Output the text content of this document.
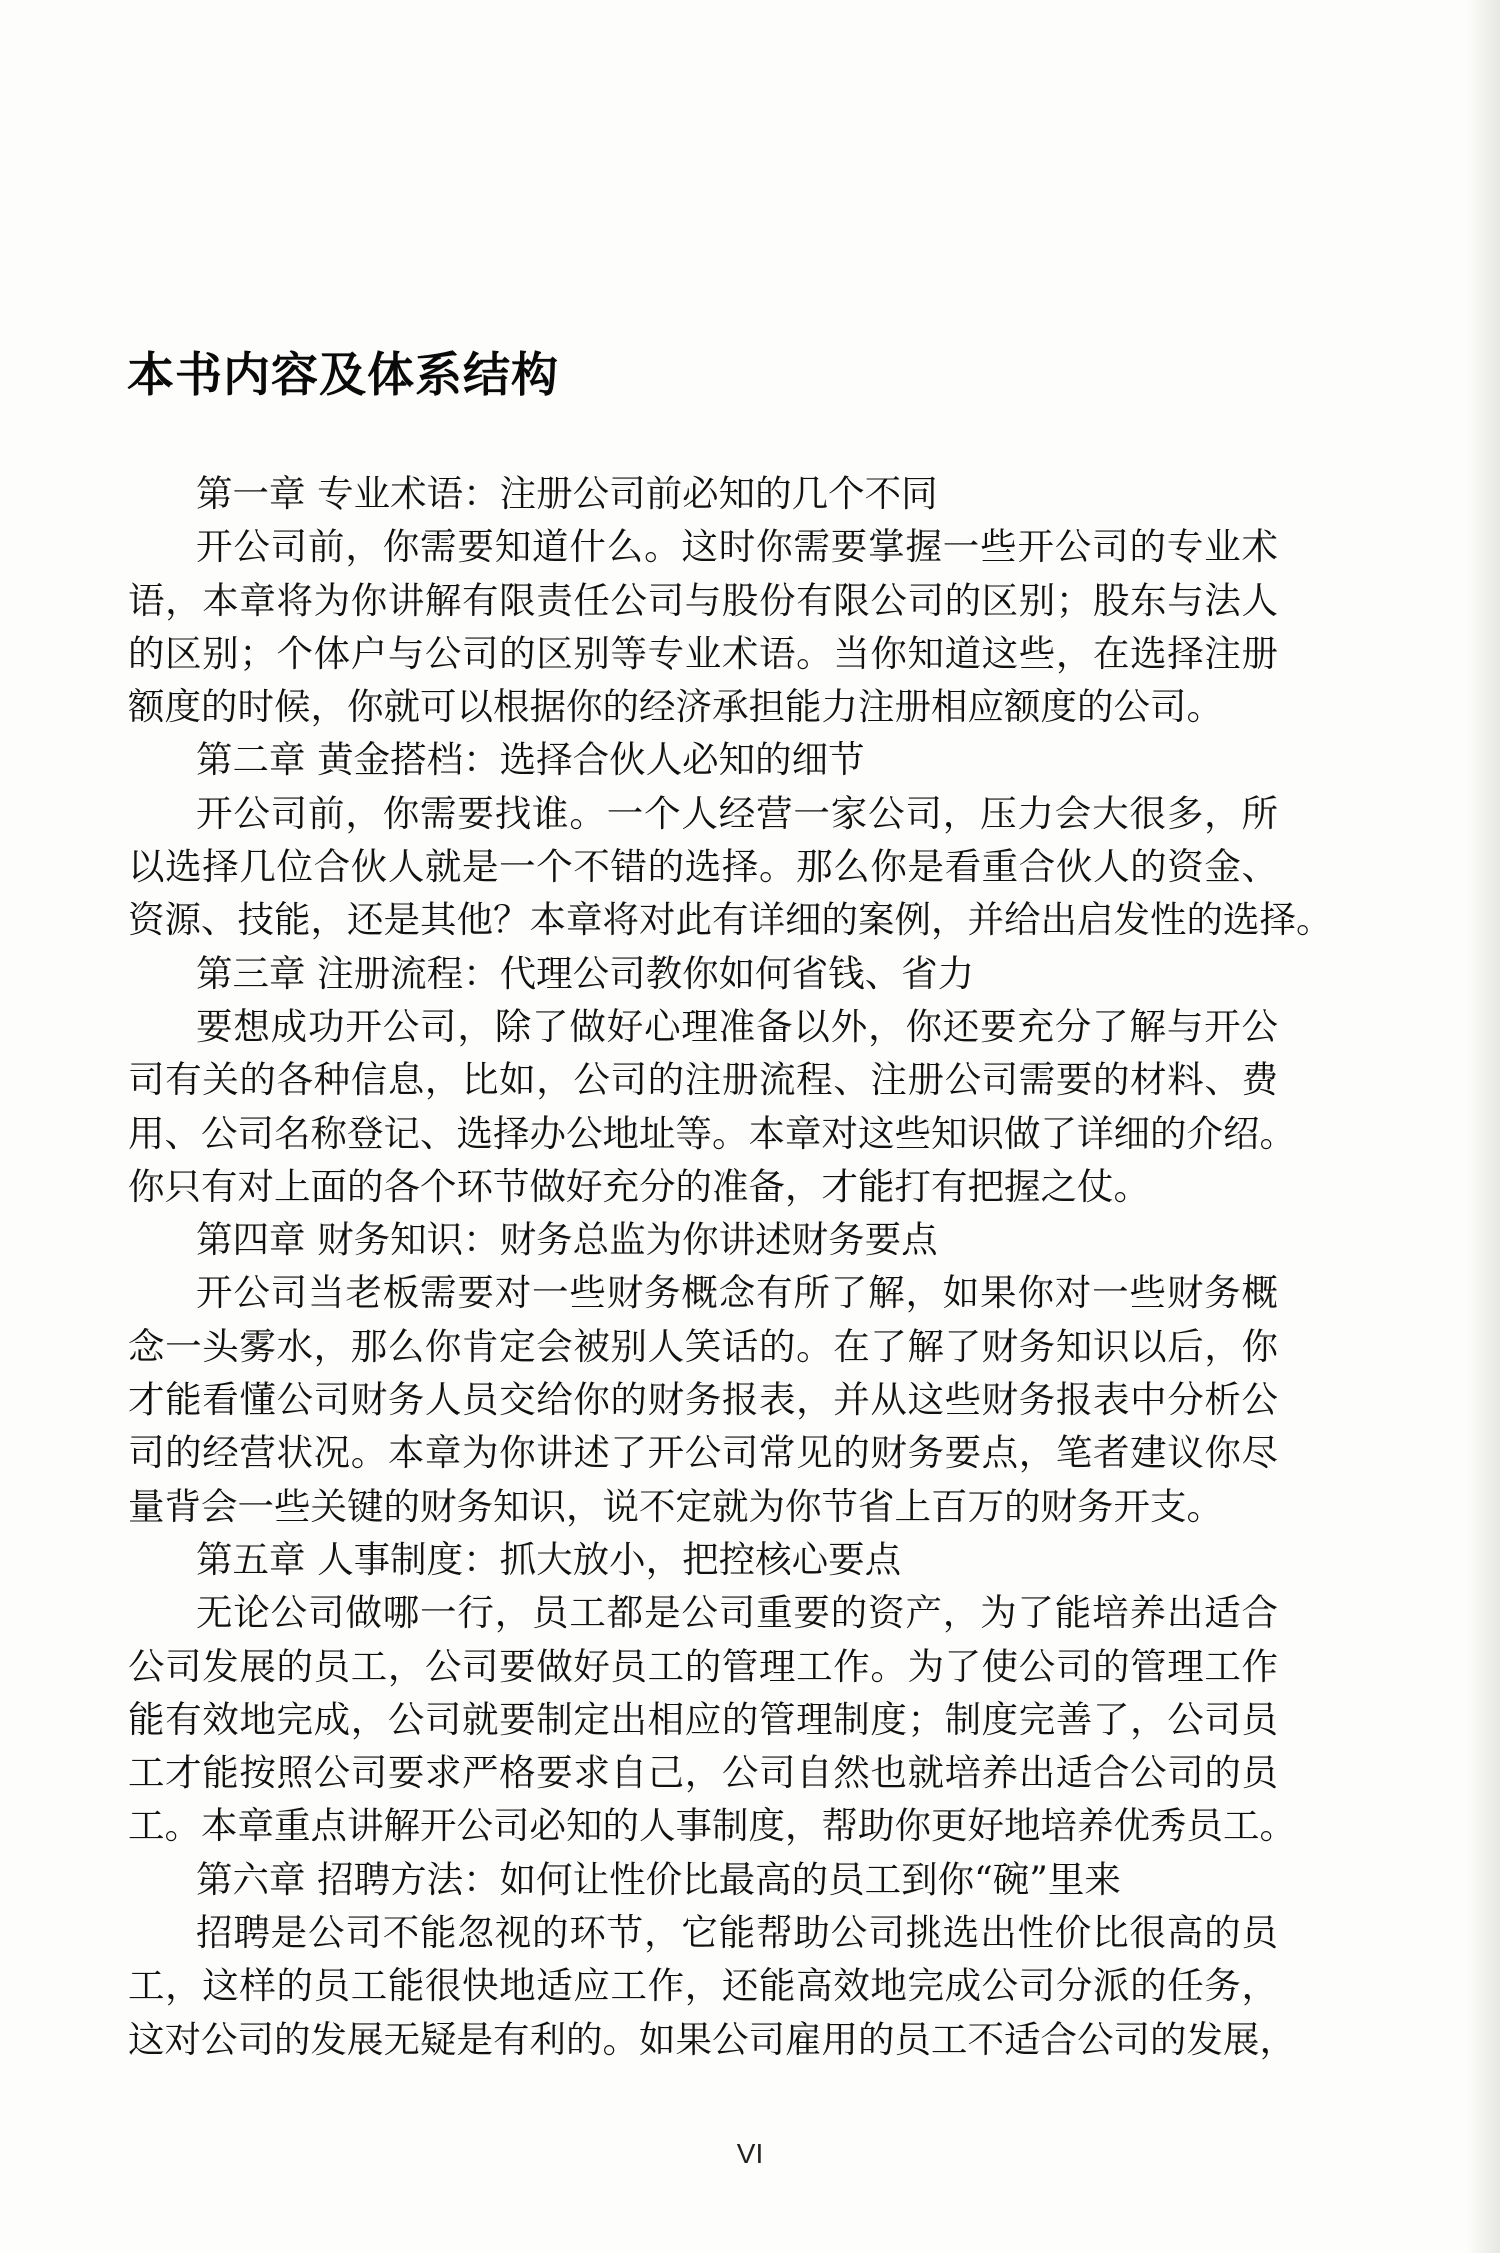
本书内容及体系结构
第一章 专业术语：注册公司前必知的几个不同
开公司前，你需要知道什么。这时你需要掌握一些开公司的专业术
语，本章将为你讲解有限责任公司与股份有限公司的区别；股东与法人
的区别；个体户与公司的区别等专业术语。当你知道这些，在选择注册
额度的时候，你就可以根据你的经济承担能力注册相应额度的公司。
第二章 黄金搭档：选择合伙人必知的细节
开公司前，你需要找谁。一个人经营一家公司，压力会大很多，所
以选择几位合伙人就是一个不错的选择。那么你是看重合伙人的资金、
资源、技能，还是其他？本章将对此有详细的案例，并给出启发性的选择。
第三章 注册流程：代理公司教你如何省钱、省力
要想成功开公司，除了做好心理准备以外，你还要充分了解与开公
司有关的各种信息，比如，公司的注册流程、注册公司需要的材料、费
用、公司名称登记、选择办公地址等。本章对这些知识做了详细的介绍。
你只有对上面的各个环节做好充分的准备，才能打有把握之仗。
第四章 财务知识：财务总监为你讲述财务要点
开公司当老板需要对一些财务概念有所了解，如果你对一些财务概
念一头雾水，那么你肯定会被别人笑话的。在了解了财务知识以后，你
才能看懂公司财务人员交给你的财务报表，并从这些财务报表中分析公
司的经营状况。本章为你讲述了开公司常见的财务要点，笔者建议你尽
量背会一些关键的财务知识，说不定就为你节省上百万的财务开支。
第五章 人事制度：抓大放小，把控核心要点
无论公司做哪一行，员工都是公司重要的资产，为了能培养出适合
公司发展的员工，公司要做好员工的管理工作。为了使公司的管理工作
能有效地完成，公司就要制定出相应的管理制度；制度完善了，公司员
工才能按照公司要求严格要求自己，公司自然也就培养出适合公司的员
工。本章重点讲解开公司必知的人事制度，帮助你更好地培养优秀员工。
第六章 招聘方法：如何让性价比最高的员工到你“碗”里来
招聘是公司不能忽视的环节，它能帮助公司挑选出性价比很高的员
工，这样的员工能很快地适应工作，还能高效地完成公司分派的任务，
这对公司的发展无疑是有利的。如果公司雇用的员工不适合公司的发展，
VI
